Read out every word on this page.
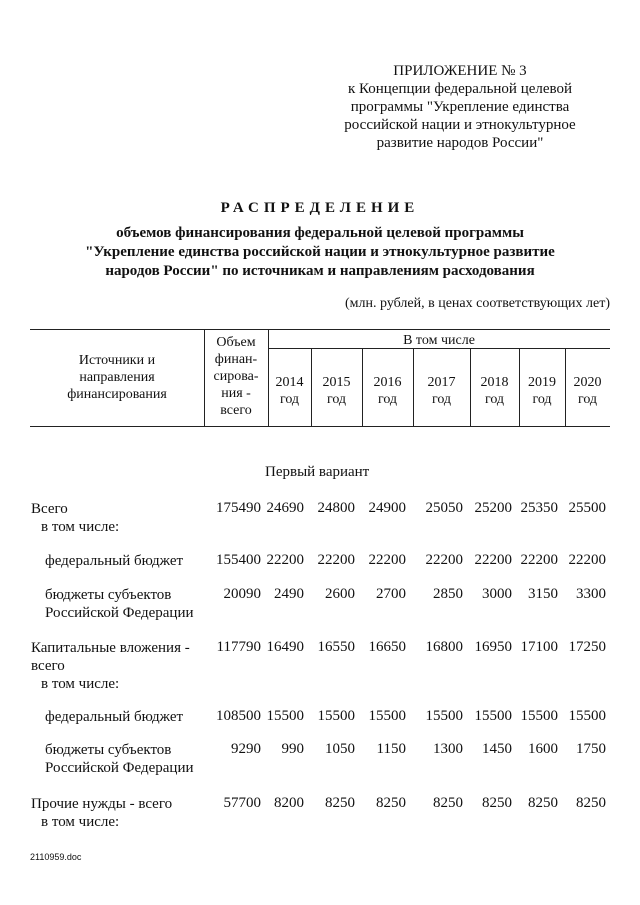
ПРИЛОЖЕНИЕ № 3
к Концепции федеральной целевой
программы "Укрепление единства
российской нации и этнокультурное
развитие народов России"
РАСПРЕДЕЛЕНИЕ
объемов финансирования федеральной целевой программы
"Укрепление единства российской нации и этнокультурное развитие
народов России" по источникам и направлениям расходования
(млн. рублей, в ценах соответствующих лет)
Источники и
направления
финансирования
Объем
финан-
сирова-
ния -
всего
В том числе
2014
год
2015
год
2016
год
2017
год
2018
год
2019
год
2020
год
Первый вариант
Всего
в том числе:
федеральный бюджет
бюджеты субъектов
Российской Федерации
Капитальные вложения -
всего
в том числе:
федеральный бюджет
бюджеты субъектов
Российской Федерации
Прочие нужды - всего
в том числе:
175490 24690 24800 24900 25050 25200 25350 25500
155400 22200 22200 22200 22200 22200 22200 22200
20090 2490 2600 2700 2850 3000 3150 3300
117790 16490 16550 16650 16800 16950 17100 17250
108500 15500 15500 15500 15500 15500 15500 15500
9290 990 1050 1150 1300 1450 1600 1750
57700 8200 8250 8250 8250 8250 8250 8250
2110959.doc
